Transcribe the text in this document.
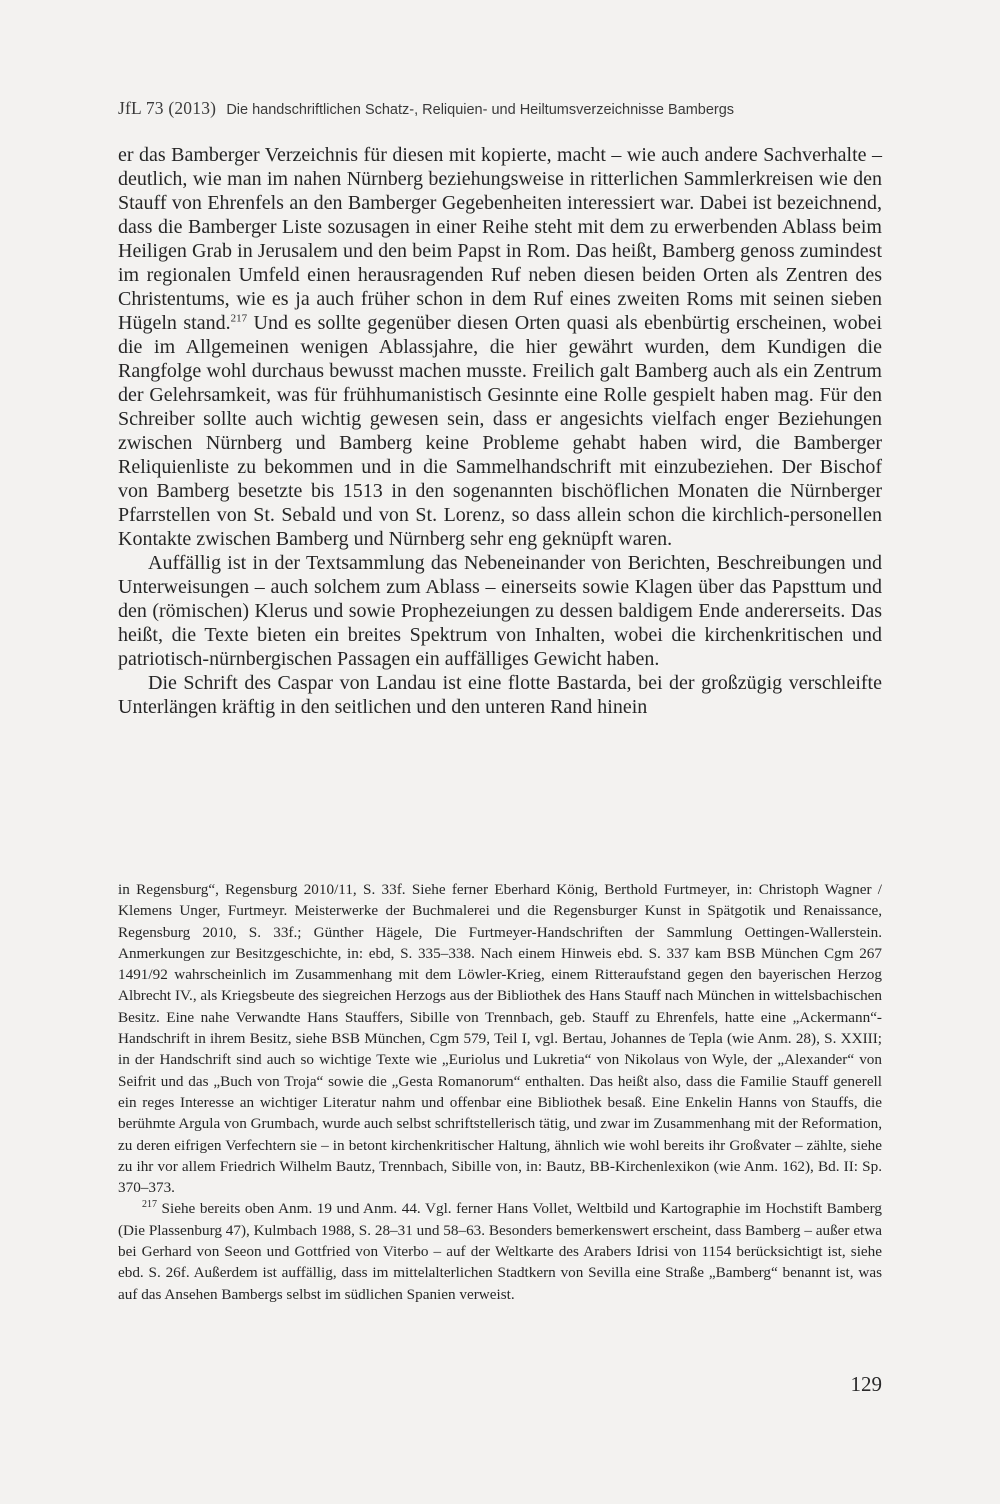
JfL 73 (2013) Die handschriftlichen Schatz-, Reliquien- und Heiltumsverzeichnisse Bambergs

er das Bamberger Verzeichnis für diesen mit kopierte, macht – wie auch andere Sachverhalte – deutlich, wie man im nahen Nürnberg beziehungsweise in ritterlichen Sammlerkreisen wie den Stauff von Ehrenfels an den Bamberger Gegebenheiten interessiert war. Dabei ist bezeichnend, dass die Bamberger Liste sozusagen in einer Reihe steht mit dem zu erwerbenden Ablass beim Heiligen Grab in Jerusalem und den beim Papst in Rom. Das heißt, Bamberg genoss zumindest im regionalen Umfeld einen herausragenden Ruf neben diesen beiden Orten als Zentren des Christentums, wie es ja auch früher schon in dem Ruf eines zweiten Roms mit seinen sieben Hügeln stand.$^{217}$ Und es sollte gegenüber diesen Orten quasi als ebenbürtig erscheinen, wobei die im Allgemeinen wenigen Ablassjahre, die hier gewährt wurden, dem Kundigen die Rangfolge wohl durchaus bewusst machen musste. Freilich galt Bamberg auch als ein Zentrum der Gelehrsamkeit, was für frühhumanistisch Gesinnte eine Rolle gespielt haben mag. Für den Schreiber sollte auch wichtig gewesen sein, dass er angesichts vielfach enger Beziehungen zwischen Nürnberg und Bamberg keine Probleme gehabt haben wird, die Bamberger Reliquienliste zu bekommen und in die Sammelhandschrift mit einzubeziehen. Der Bischof von Bamberg besetzte bis 1513 in den sogenannten bischöflichen Monaten die Nürnberger Pfarrstellen von St. Sebald und von St. Lorenz, so dass allein schon die kirchlich-personellen Kontakte zwischen Bamberg und Nürnberg sehr eng geknüpft waren.

Auffällig ist in der Textsammlung das Nebeneinander von Berichten, Beschreibungen und Unterweisungen – auch solchem zum Ablass – einerseits sowie Klagen über das Papsttum und den (römischen) Klerus und sowie Prophezeiungen zu dessen baldigem Ende andererseits. Das heißt, die Texte bieten ein breites Spektrum von Inhalten, wobei die kirchenkritischen und patriotisch-nürnbergischen Passagen ein auffälliges Gewicht haben.

Die Schrift des Caspar von Landau ist eine flotte Bastarda, bei der großzügig verschleifte Unterlängen kräftig in den seitlichen und den unteren Rand hinein

in Regensburg“, Regensburg 2010/11, S. 33f. Siehe ferner Eberhard König, Berthold Furtmeyer, in: Christoph Wagner / Klemens Unger, Furtmeyr. Meisterwerke der Buchmalerei und die Regensburger Kunst in Spätgotik und Renaissance, Regensburg 2010, S. 33f.; Günther Hägele, Die Furtmeyer-Handschriften der Sammlung Oettingen-Wallerstein. Anmerkungen zur Besitzgeschichte, in: ebd, S. 335–338. Nach einem Hinweis ebd. S. 337 kam BSB München Cgm 267 1491/92 wahrscheinlich im Zusammenhang mit dem Löwler-Krieg, einem Ritteraufstand gegen den bayerischen Herzog Albrecht IV., als Kriegsbeute des siegreichen Herzogs aus der Bibliothek des Hans Stauff nach München in wittelsbachischen Besitz. Eine nahe Verwandte Hans Stauffers, Sibille von Trennbach, geb. Stauff zu Ehrenfels, hatte eine „Ackermann“-Handschrift in ihrem Besitz, siehe BSB München, Cgm 579, Teil I, vgl. Bertau, Johannes de Tepla (wie Anm. 28), S. XXIII; in der Handschrift sind auch so wichtige Texte wie „Euriolus und Lukretia“ von Nikolaus von Wyle, der „Alexander“ von Seifrit und das „Buch von Troja“ sowie die „Gesta Romanorum“ enthalten. Das heißt also, dass die Familie Stauff generell ein reges Interesse an wichtiger Literatur nahm und offenbar eine Bibliothek besaß. Eine Enkelin Hanns von Stauffs, die berühmte Argula von Grumbach, wurde auch selbst schriftstellerisch tätig, und zwar im Zusammenhang mit der Reformation, zu deren eifrigen Verfechtern sie – in betont kirchenkritischer Haltung, ähnlich wie wohl bereits ihr Großvater – zählte, siehe zu ihr vor allem Friedrich Wilhelm Bautz, Trennbach, Sibille von, in: Bautz, BB-Kirchenlexikon (wie Anm. 162), Bd. II: Sp. 370–373.

$^{217}$ Siehe bereits oben Anm. 19 und Anm. 44. Vgl. ferner Hans Vollet, Weltbild und Kartographie im Hochstift Bamberg (Die Plassenburg 47), Kulmbach 1988, S. 28–31 und 58–63. Besonders bemerkenswert erscheint, dass Bamberg – außer etwa bei Gerhard von Seeon und Gottfried von Viterbo – auf der Weltkarte des Arabers Idrisi von 1154 berücksichtigt ist, siehe ebd. S. 26f. Außerdem ist auffällig, dass im mittelalterlichen Stadtkern von Sevilla eine Straße „Bamberg“ benannt ist, was auf das Ansehen Bambergs selbst im südlichen Spanien verweist.

129
